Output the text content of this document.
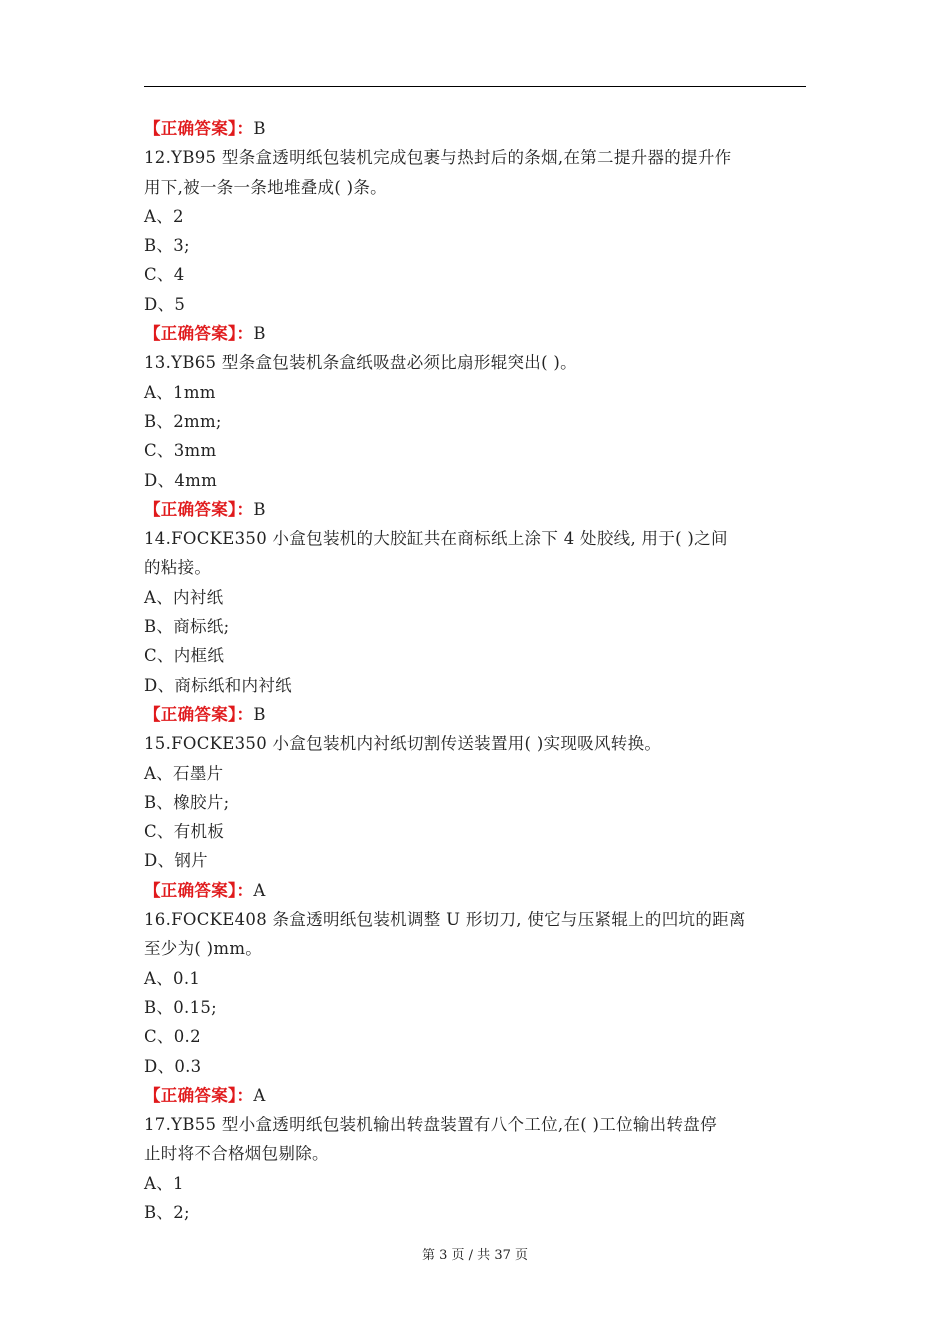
【正确答案】：B
12.YB95 型条盒透明纸包装机完成包裹与热封后的条烟,在第二提升器的提升作
用下,被一条一条地堆叠成( )条。
A、2
B、3;
C、4
D、5
【正确答案】：B
13.YB65 型条盒包装机条盒纸吸盘必须比扇形辊突出( )。
A、1mm
B、2mm;
C、3mm
D、4mm
【正确答案】：B
14.FOCKE350 小盒包装机的大胶缸共在商标纸上涂下 4 处胶线, 用于( )之间
的粘接。
A、内衬纸
B、商标纸;
C、内框纸
D、商标纸和内衬纸
【正确答案】：B
15.FOCKE350 小盒包装机内衬纸切割传送装置用( )实现吸风转换。
A、石墨片
B、橡胶片;
C、有机板
D、钢片
【正确答案】：A
16.FOCKE408 条盒透明纸包装机调整 U 形切刀, 使它与压紧辊上的凹坑的距离
至少为( )mm。
A、0.1
B、0.15;
C、0.2
D、0.3
【正确答案】：A
17.YB55 型小盒透明纸包装机输出转盘装置有八个工位,在( )工位输出转盘停
止时将不合格烟包剔除。
A、1
B、2;
第 3 页 / 共 37 页
